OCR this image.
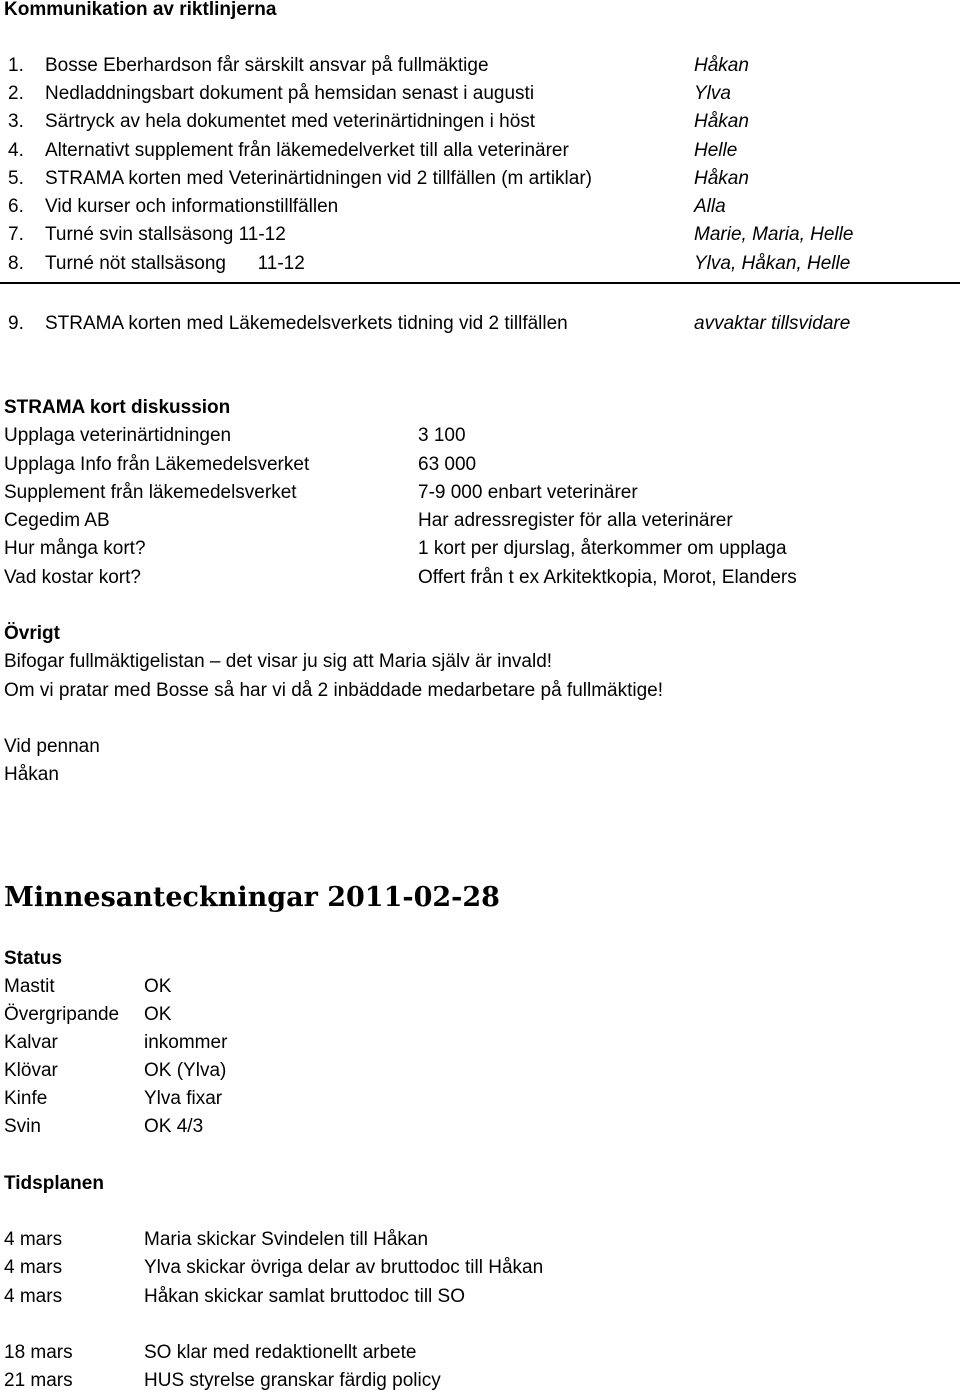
Kommunikation av riktlinjerna
1. Bosse Eberhardson får särskilt ansvar på fullmäktige	Håkan
2. Nedladdningsbart dokument på hemsidan senast i augusti	Ylva
3. Särtryck av hela dokumentet med veterinärtidningen i höst	Håkan
4. Alternativt supplement från läkemedelverket till alla veterinärer	Helle
5. STRAMA korten med Veterinärtidningen vid 2 tillfällen (m artiklar)	Håkan
6. Vid kurser och informationstillfällen	Alla
7. Turné svin stallsäsong 11-12	Marie, Maria, Helle
8. Turné nöt stallsäsong      11-12	Ylva, Håkan, Helle
9. STRAMA korten med Läkemedelsverkets tidning vid 2 tillfällen	avvaktar tillsvidare
STRAMA kort diskussion
Upplaga veterinärtidningen	3 100
Upplaga Info från Läkemedelsverket	63 000
Supplement från läkemedelsverket	7-9 000 enbart veterinärer
Cegedim AB	Har adressregister för alla veterinärer
Hur många kort?	1 kort per djurslag, återkommer om upplaga
Vad kostar kort?	Offert från t ex Arkitektkopia, Morot, Elanders
Övrigt
Bifogar fullmäktigelistan – det visar ju sig att Maria själv är invald!
Om vi pratar med Bosse så har vi då 2 inbäddade medarbetare på fullmäktige!
Vid pennan
Håkan
Minnesanteckningar 2011-02-28
Status
Mastit	OK
Övergripande OK
Kalvar	inkommer
Klövar	OK (Ylva)
Kinfe	Ylva fixar
Svin	OK 4/3
Tidsplanen
4 mars	Maria skickar Svindelen till Håkan
4 mars	Ylva skickar övriga delar av bruttodoc till Håkan
4 mars	Håkan skickar samlat bruttodoc till SO
18 mars	SO klar med redaktionellt arbete
21 mars	HUS styrelse granskar färdig policy
